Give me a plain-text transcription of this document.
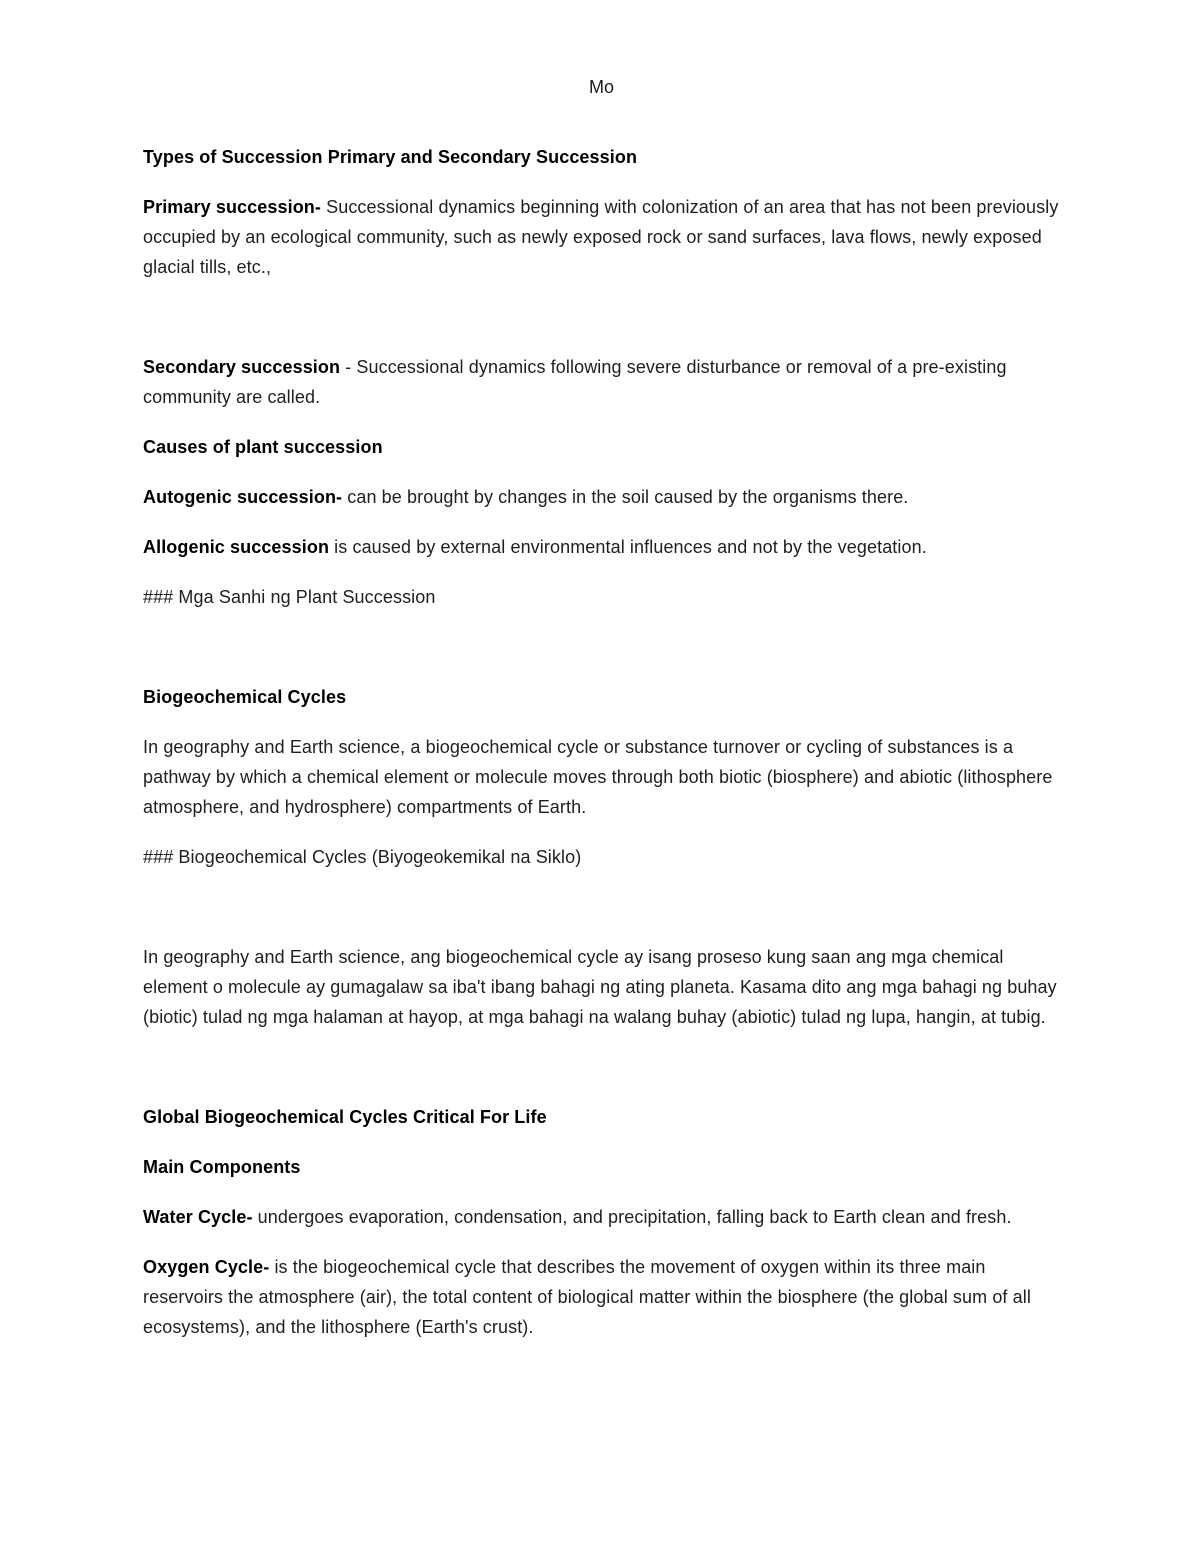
Mo

Types of Succession Primary and Secondary Succession

Primary succession- Successional dynamics beginning with colonization of an area that has not been previously occupied by an ecological community, such as newly exposed rock or sand surfaces, lava flows, newly exposed glacial tills, etc.,

Secondary succession - Successional dynamics following severe disturbance or removal of a pre-existing community are called.

Causes of plant succession

Autogenic succession- can be brought by changes in the soil caused by the organisms there.

Allogenic succession is caused by external environmental influences and not by the vegetation.

### Mga Sanhi ng Plant Succession

Biogeochemical Cycles

In geography and Earth science, a biogeochemical cycle or substance turnover or cycling of substances is a pathway by which a chemical element or molecule moves through both biotic (biosphere) and abiotic (lithosphere atmosphere, and hydrosphere) compartments of Earth.

### Biogeochemical Cycles (Biyogeokemikal na Siklo)

In geography and Earth science, ang biogeochemical cycle ay isang proseso kung saan ang mga chemical element o molecule ay gumagalaw sa iba't ibang bahagi ng ating planeta. Kasama dito ang mga bahagi ng buhay (biotic) tulad ng mga halaman at hayop, at mga bahagi na walang buhay (abiotic) tulad ng lupa, hangin, at tubig.

Global Biogeochemical Cycles Critical For Life

Main Components

Water Cycle- undergoes evaporation, condensation, and precipitation, falling back to Earth clean and fresh.

Oxygen Cycle- is the biogeochemical cycle that describes the movement of oxygen within its three main reservoirs the atmosphere (air), the total content of biological matter within the biosphere (the global sum of all ecosystems), and the lithosphere (Earth's crust).
